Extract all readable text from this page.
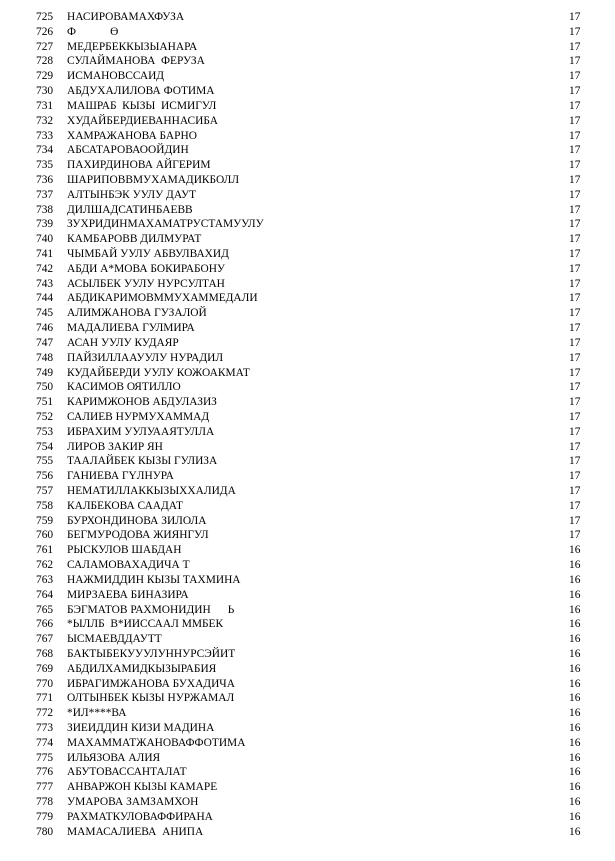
725 НАСИРОВАМАХФУЗА	17
726 Ф            Ө	17
727 МЕДЕРБЕККЫЗЫАНАРА	17
728 СУЛАЙМАНОВА  ФЕРУЗА	17
729 ИСМАНОВССАИД	17
730 АБДУХАЛИЛОВА ФОТИМА	17
731 МАШРАБ  КЫЗЫ  ИСМИГУЛ	17
732 ХУДАЙБЕРДИЕВАННАСИБА	17
733 ХАМРАЖАНОВА БАРНО	17
734 АБСАТАРОВАООЙДИН	17
735 ПАХИРДИНОВА АЙГЕРИМ	17
736 ШАРИПОВВМУХАМАДИКБОЛЛ	17
737 АЛТЫНБЭК УУЛУ ДАУТ	17
738 ДИЛШАДСАТИНБАЕВВ	17
739 ЗУХРИДИНМАХАМАТРУСТАМУУЛУ	17
740 КАМБАРОВВ ДИЛМУРАТ	17
741 ЧЫМБАЙ УУЛУ АБВУЛВАХИД	17
742 АБДИ А*МОВА БОКИРАБОНУ	17
743 АСЫЛБЕК УУЛУ НУРСУЛТАН	17
744 АБДИКАРИМОВММУХАММЕДАЛИ	17
745 АЛИМЖАНОВА ГУЗАЛОЙ	17
746 МАДАЛИЕВА ГУЛМИРА	17
747 АСАН УУЛУ КУДАЯР	17
748 ПАЙЗИЛЛААУУЛУ НУРАДИЛ	17
749 КУДАЙБЕРДИ УУЛУ КОЖОАКМАТ	17
750 КАСИМОВ ОЯТИЛЛО	17
751 КАРИМЖОНОВ АБДУЛАЗИЗ	17
752 САЛИЕВ НУРМУХАММАД	17
753 ИБРАХИМ УУЛУААЯТУЛЛА	17
754 ЛИРОВ ЗАКИР ЯН	17
755 ТААЛАЙБЕК КЫЗЫ ГУЛИЗА	17
756 ГАНИЕВА ГҮЛНУРА	17
757 НЕМАТИЛЛАККЫЗЫХХАЛИДА	17
758 КАЛБЕКОВА СААДАТ	17
759 БУРХОНДИНОВА ЗИЛОЛА	17
760 БЕГМУРОДОВА ЖИЯНГУЛ	17
761 РЫСКУЛОВ ШАБДАН	16
762 САЛАМОВАХАДИЧА Т	16
763 НАЖМИДДИН КЫЗЫ ТАХМИНА	16
764 МИРЗАЕВА БИНАЗИРА	16
765 БЭГМАТОВ РАХМОНИДИН      Ь	16
766 *ЫЛЛБ  В*ИИССААЛ ММБЕК	16
767 ЫСМАЕВДДАУТТ	16
768 БАКТЫБЕКУУУЛУННУРСЭЙИТ	16
769 АБДИЛХАМИДКЫЗЫРАБИЯ	16
770 ИБРАГИМЖАНОВА БУХАДИЧА	16
771 ОЛТЫНБЕК КЫЗЫ НУРЖАМАЛ	16
772 *ИЛ****ВА	16
773 ЗИЕИДДИН КИЗИ МАДИНА	16
774 МАХАММАТЖАНОВАФФОТИМА	16
775 ИЛЬЯЗОВА АЛИЯ	16
776 АБУТОВАССАНТАЛАТ	16
777 АНВАРЖОН КЫЗЫ КАМАРЕ	16
778 УМАРОВА ЗАМЗАМХОН	16
779 РАХМАТКУЛОВАФФИРАНА	16
780 МАМАСАЛИЕВА  АНИПА	16
